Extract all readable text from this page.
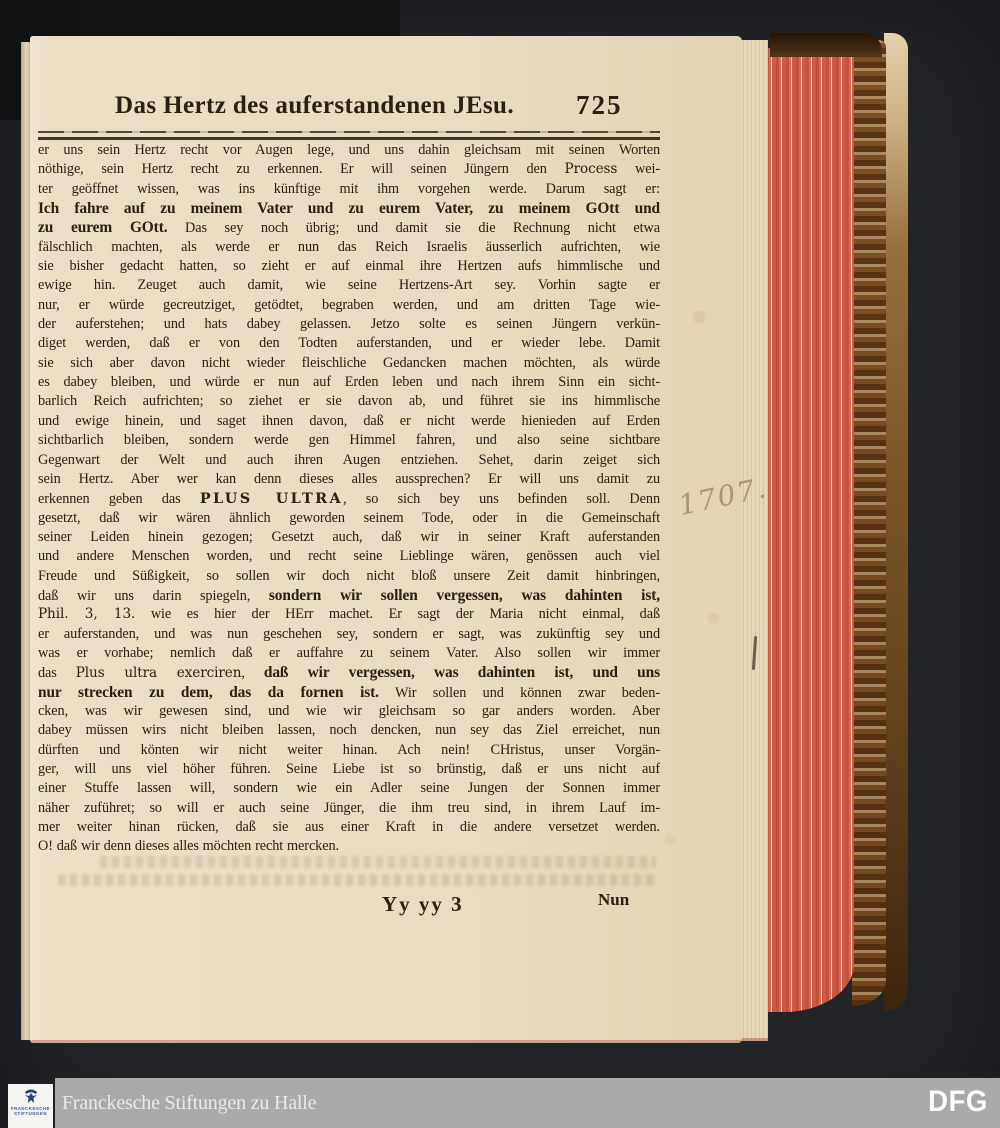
Das Hertz des auferstandenen JEsu. 725
er uns sein Hertz recht vor Augen lege, und uns dahin gleichsam mit seinen Worten
nöthige, sein Hertz recht zu erkennen. Er will seinen Jüngern den Process wei-
ter geöffnet wissen, was ins künftige mit ihm vorgehen werde. Darum sagt er:
Ich fahre auf zu meinem Vater und zu eurem Vater, zu meinem GOtt und
zu eurem GOtt. Das sey noch übrig; und damit sie die Rechnung nicht etwa
fälschlich machten, als werde er nun das Reich Israelis äusserlich aufrichten, wie
sie bisher gedacht hatten, so zieht er auf einmal ihre Hertzen aufs himmlische und
ewige hin. Zeuget auch damit, wie seine Hertzens-Art sey. Vorhin sagte er
nur, er würde gecreutziget, getödtet, begraben werden, und am dritten Tage wie-
der auferstehen; und hats dabey gelassen. Jetzo solte es seinen Jüngern verkün-
diget werden, daß er von den Todten auferstanden, und er wieder lebe. Damit
sie sich aber davon nicht wieder fleischliche Gedancken machen möchten, als würde
es dabey bleiben, und würde er nun auf Erden leben und nach ihrem Sinn ein sicht-
barlich Reich aufrichten; so ziehet er sie davon ab, und führet sie ins himmlische
und ewige hinein, und saget ihnen davon, daß er nicht werde hienieden auf Erden
sichtbarlich bleiben, sondern werde gen Himmel fahren, und also seine sichtbare
Gegenwart der Welt und auch ihren Augen entziehen. Sehet, darin zeiget sich
sein Hertz. Aber wer kan denn dieses alles aussprechen? Er will uns damit zu
erkennen geben das PLUS ULTRA, so sich bey uns befinden soll. Denn
gesetzt, daß wir wären ähnlich geworden seinem Tode, oder in die Gemeinschaft
seiner Leiden hinein gezogen; Gesetzt auch, daß wir in seiner Kraft auferstanden
und andere Menschen worden, und recht seine Lieblinge wären, genössen auch viel
Freude und Süßigkeit, so sollen wir doch nicht bloß unsere Zeit damit hinbringen,
daß wir uns darin spiegeln, sondern wir sollen vergessen, was dahinten ist,
Phil. 3, 13. wie es hier der HErr machet. Er sagt der Maria nicht einmal, daß
er auferstanden, und was nun geschehen sey, sondern er sagt, was zukünftig sey und
was er vorhabe; nemlich daß er auffahre zu seinem Vater. Also sollen wir immer
das Plus ultra exerciren, daß wir vergessen, was dahinten ist, und uns
nur strecken zu dem, das da fornen ist. Wir sollen und können zwar beden-
cken, was wir gewesen sind, und wie wir gleichsam so gar anders worden. Aber
dabey müssen wirs nicht bleiben lassen, noch dencken, nun sey das Ziel erreichet, nun
dürften und könten wir nicht weiter hinan. Ach nein! CHristus, unser Vorgän-
ger, will uns viel höher führen. Seine Liebe ist so brünstig, daß er uns nicht auf
einer Stuffe lassen will, sondern wie ein Adler seine Jungen der Sonnen immer
näher zuführet; so will er auch seine Jünger, die ihm treu sind, in ihrem Lauf im-
mer weiter hinan rücken, daß sie aus einer Kraft in die andere versetzet werden.
O! daß wir denn dieses alles möchten recht mercken.
Yy yy 3	Nun
1707.
Franckesche Stiftungen zu Halle
FRANCKESCHE
STIFTUNGEN	DFG
